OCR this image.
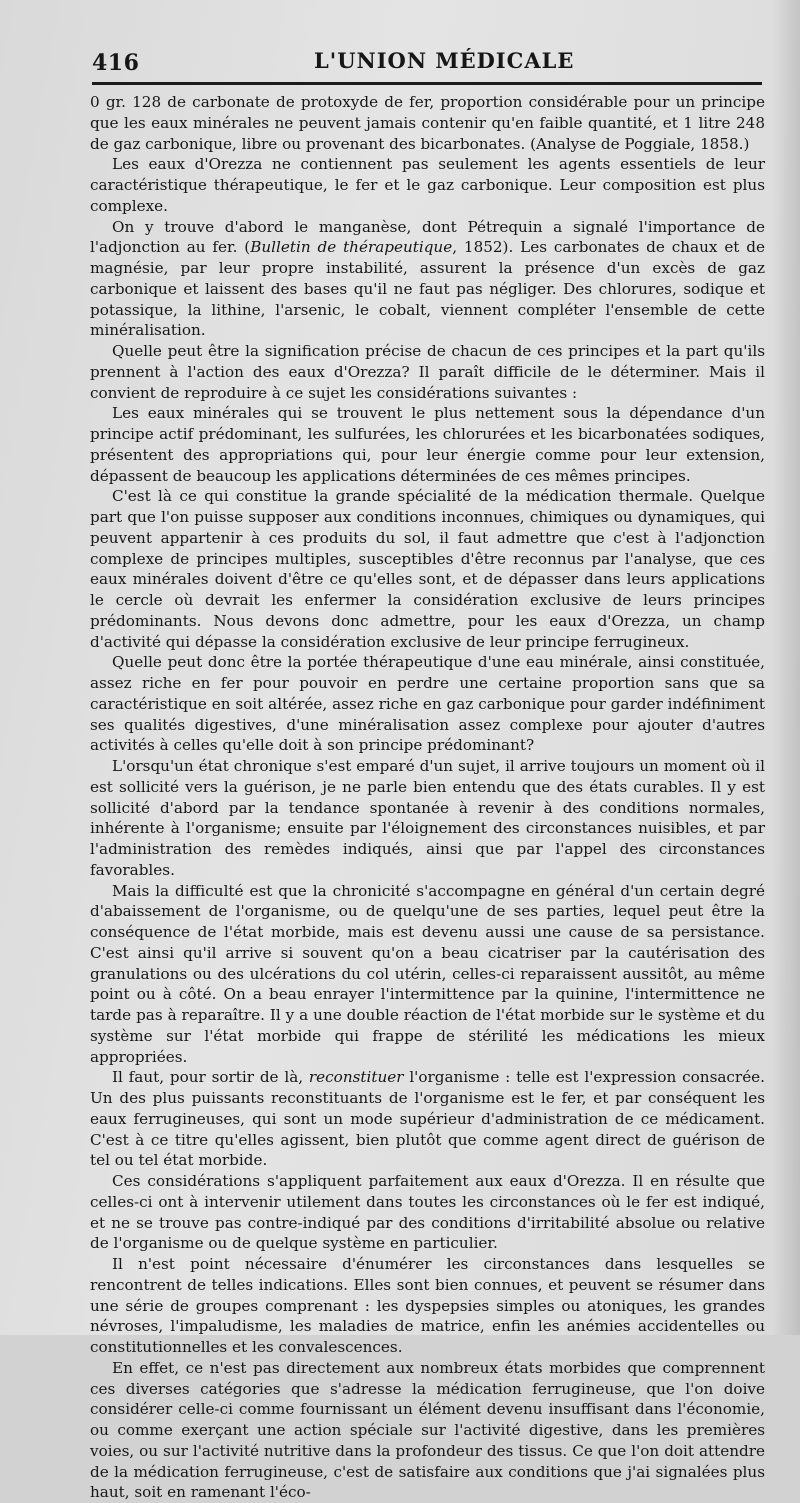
416	L'UNION MÉDICALE

0 gr. 128 de carbonate de protoxyde de fer, proportion considérable pour un principe que les eaux minérales ne peuvent jamais contenir qu'en faible quantité, et 1 litre 248 de gaz carbonique, libre ou provenant des bicarbonates. (Analyse de Poggiale, 1858.)

Les eaux d'Orezza ne contiennent pas seulement les agents essentiels de leur caractéristique thérapeutique, le fer et le gaz carbonique. Leur composition est plus complexe.

On y trouve d'abord le manganèse, dont Pétrequin a signalé l'importance de l'adjonction au fer. (Bulletin de thérapeutique, 1852). Les carbonates de chaux et de magnésie, par leur propre instabilité, assurent la présence d'un excès de gaz carbonique et laissent des bases qu'il ne faut pas négliger. Des chlorures, sodique et potassique, la lithine, l'arsenic, le cobalt, viennent compléter l'ensemble de cette minéralisation.

Quelle peut être la signification précise de chacun de ces principes et la part qu'ils prennent à l'action des eaux d'Orezza? Il paraît difficile de le déterminer. Mais il convient de reproduire à ce sujet les considérations suivantes :

Les eaux minérales qui se trouvent le plus nettement sous la dépendance d'un principe actif prédominant, les sulfurées, les chlorurées et les bicarbonatées sodiques, présentent des appropriations qui, pour leur énergie comme pour leur extension, dépassent de beaucoup les applications déterminées de ces mêmes principes.

C'est là ce qui constitue la grande spécialité de la médication thermale. Quelque part que l'on puisse supposer aux conditions inconnues, chimiques ou dynamiques, qui peuvent appartenir à ces produits du sol, il faut admettre que c'est à l'adjonction complexe de principes multiples, susceptibles d'être reconnus par l'analyse, que ces eaux minérales doivent d'être ce qu'elles sont, et de dépasser dans leurs applications le cercle où devrait les enfermer la considération exclusive de leurs principes prédominants. Nous devons donc admettre, pour les eaux d'Orezza, un champ d'activité qui dépasse la considération exclusive de leur principe ferrugineux.

Quelle peut donc être la portée thérapeutique d'une eau minérale, ainsi constituée, assez riche en fer pour pouvoir en perdre une certaine proportion sans que sa caractéristique en soit altérée, assez riche en gaz carbonique pour garder indéfiniment ses qualités digestives, d'une minéralisation assez complexe pour ajouter d'autres activités à celles qu'elle doit à son principe prédominant?

L'orsqu'un état chronique s'est emparé d'un sujet, il arrive toujours un moment où il est sollicité vers la guérison, je ne parle bien entendu que des états curables. Il y est sollicité d'abord par la tendance spontanée à revenir à des conditions normales, inhérente à l'organisme; ensuite par l'éloignement des circonstances nuisibles, et par l'administration des remèdes indiqués, ainsi que par l'appel des circonstances favorables.

Mais la difficulté est que la chronicité s'accompagne en général d'un certain degré d'abaissement de l'organisme, ou de quelqu'une de ses parties, lequel peut être la conséquence de l'état morbide, mais est devenu aussi une cause de sa persistance. C'est ainsi qu'il arrive si souvent qu'on a beau cicatriser par la cautérisation des granulations ou des ulcérations du col utérin, celles-ci reparaissent aussitôt, au même point ou à côté. On a beau enrayer l'intermittence par la quinine, l'intermittence ne tarde pas à reparaître. Il y a une double réaction de l'état morbide sur le système et du système sur l'état morbide qui frappe de stérilité les médications les mieux appropriées.

Il faut, pour sortir de là, reconstituer l'organisme : telle est l'expression consacrée. Un des plus puissants reconstituants de l'organisme est le fer, et par conséquent les eaux ferrugineuses, qui sont un mode supérieur d'administration de ce médicament. C'est à ce titre qu'elles agissent, bien plutôt que comme agent direct de guérison de tel ou tel état morbide.

Ces considérations s'appliquent parfaitement aux eaux d'Orezza. Il en résulte que celles-ci ont à intervenir utilement dans toutes les circonstances où le fer est indiqué, et ne se trouve pas contre-indiqué par des conditions d'irritabilité absolue ou relative de l'organisme ou de quelque système en particulier.

Il n'est point nécessaire d'énumérer les circonstances dans lesquelles se rencontrent de telles indications. Elles sont bien connues, et peuvent se résumer dans une série de groupes comprenant : les dyspepsies simples ou atoniques, les grandes névroses, l'impaludisme, les maladies de matrice, enfin les anémies accidentelles ou constitutionnelles et les convalescences.

En effet, ce n'est pas directement aux nombreux états morbides que comprennent ces diverses catégories que s'adresse la médication ferrugineuse, que l'on doive considérer celle-ci comme fournissant un élément devenu insuffisant dans l'économie, ou comme exerçant une action spéciale sur l'activité digestive, dans les premières voies, ou sur l'activité nutritive dans la profondeur des tissus. Ce que l'on doit attendre de la médication ferrugineuse, c'est de satisfaire aux conditions que j'ai signalées plus haut, soit en ramenant l'éco-
